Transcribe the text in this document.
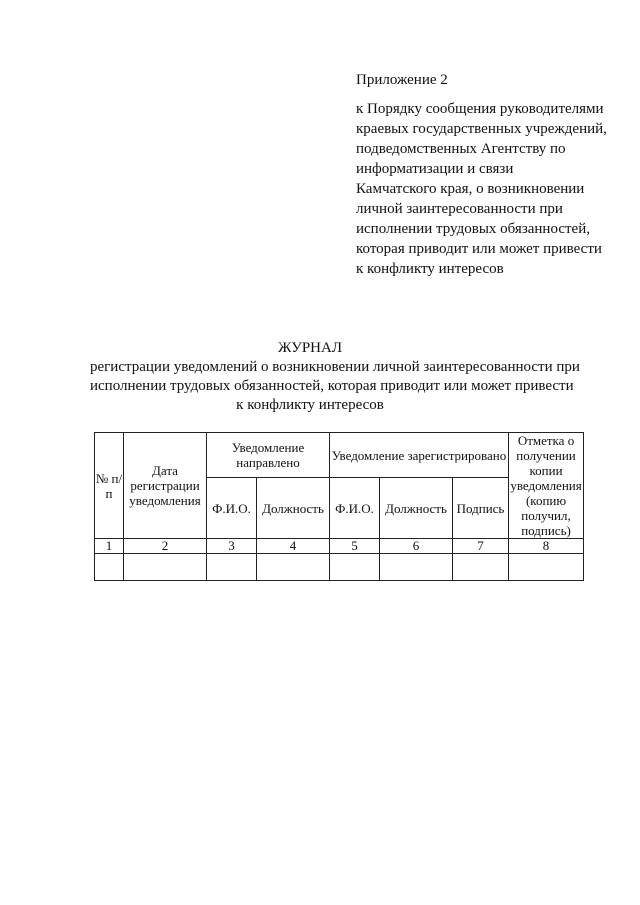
Приложение 2
к Порядку сообщения руководителями
краевых государственных учреждений,
подведомственных Агентству по
информатизации и связи
Камчатского края, о возникновении
личной заинтересованности при
исполнении трудовых обязанностей,
которая приводит или может привести
к конфликту интересов
ЖУРНАЛ
регистрации уведомлений о возникновении личной заинтересованности при
исполнении трудовых обязанностей, которая приводит или может привести
к конфликту интересов
№ п/п	Дата регистрации уведомления	Уведомление направлено		Уведомление зарегистрировано			Отметка о получении копии уведомления (копию получил, подпись)
		Ф.И.О.	Должность	Ф.И.О.	Должность	Подпись	
1	2	3	4	5	6	7	8
